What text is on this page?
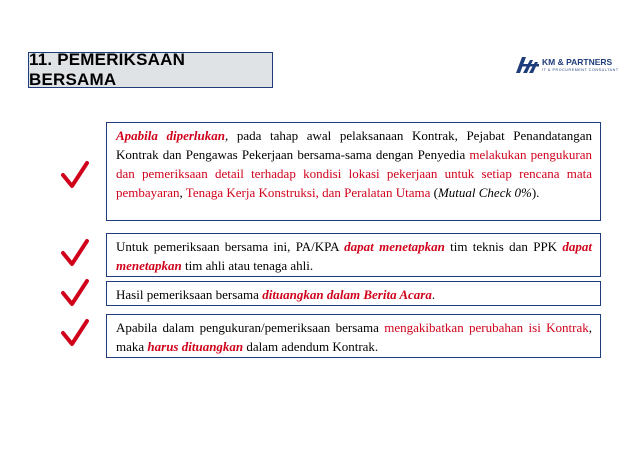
11. PEMERIKSAAN BERSAMA
KM & PARTNERS
IT & PROCUREMENT CONSULTANT
Apabila diperlukan, pada tahap awal pelaksanaan Kontrak, Pejabat Penandatangan Kontrak dan Pengawas Pekerjaan bersama-sama dengan Penyedia melakukan pengukuran dan pemeriksaan detail terhadap kondisi lokasi pekerjaan untuk setiap rencana mata pembayaran, Tenaga Kerja Konstruksi, dan Peralatan Utama (Mutual Check 0%).
Untuk pemeriksaan bersama ini, PA/KPA dapat menetapkan tim teknis dan PPK dapat menetapkan tim ahli atau tenaga ahli.
Hasil pemeriksaan bersama dituangkan dalam Berita Acara.
Apabila dalam pengukuran/pemeriksaan bersama mengakibatkan perubahan isi Kontrak, maka harus dituangkan dalam adendum Kontrak.
